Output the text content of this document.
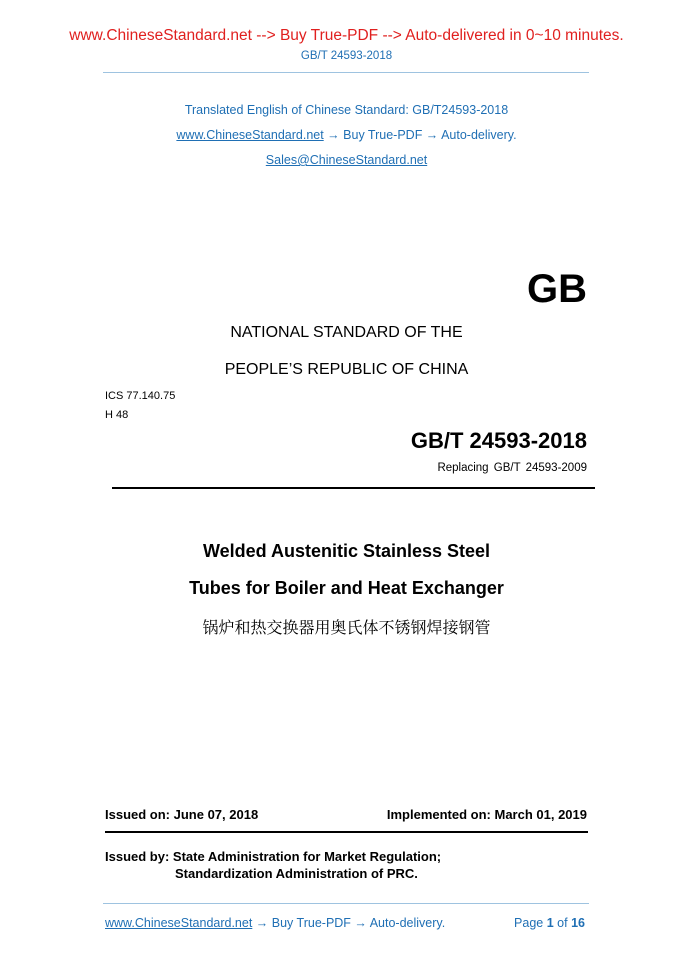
www.ChineseStandard.net --> Buy True-PDF --> Auto-delivered in 0~10 minutes.
GB/T 24593-2018
Translated English of Chinese Standard: GB/T24593-2018
www.ChineseStandard.net → Buy True-PDF → Auto-delivery.
Sales@ChineseStandard.net
GB
NATIONAL STANDARD OF THE
PEOPLE’S REPUBLIC OF CHINA
ICS 77.140.75
H 48
GB/T 24593-2018
Replacing GB/T 24593-2009
Welded Austenitic Stainless Steel
Tubes for Boiler and Heat Exchanger
锅炉和热交换器用奥氏体不锈钢焊接钢管
Issued on: June 07, 2018	Implemented on: March 01, 2019
Issued by: State Administration for Market Regulation;
Standardization Administration of PRC.
www.ChineseStandard.net → Buy True-PDF → Auto-delivery.	Page 1 of 16
